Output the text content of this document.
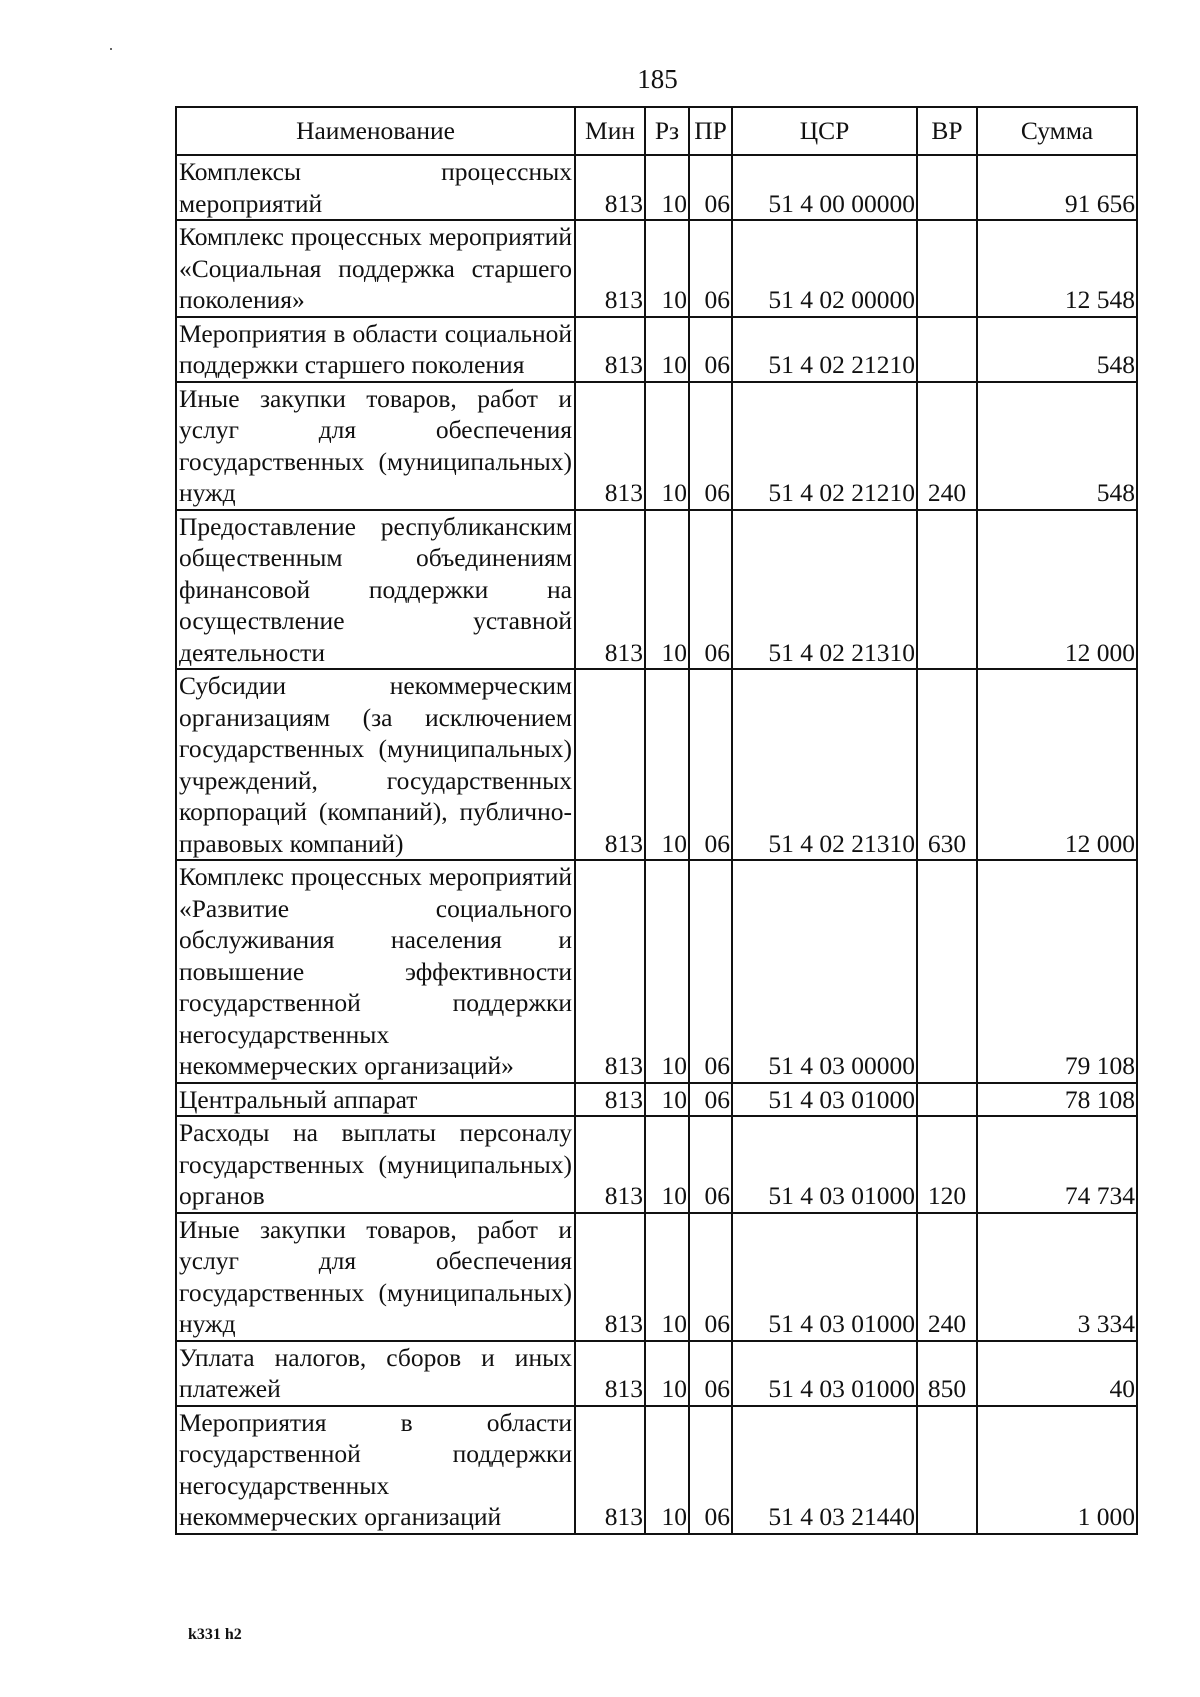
185
Наименование	Мин	Рз	ПР	ЦСР	ВР	Сумма
Комплексы процессных мероприятий	813	10	06	51 4 00 00000		91 656
Комплекс процессных мероприятий «Социальная поддержка старшего поколения»	813	10	06	51 4 02 00000		12 548
Мероприятия в области социальной поддержки старшего поколения	813	10	06	51 4 02 21210		548
Иные закупки товаров, работ и услуг для обеспечения государственных (муниципальных) нужд	813	10	06	51 4 02 21210	240	548
Предоставление республиканским общественным объединениям финансовой поддержки на осуществление уставной деятельности	813	10	06	51 4 02 21310		12 000
Субсидии некоммерческим организациям (за исключением государственных (муниципальных) учреждений, государственных корпораций (компаний), публично-правовых компаний)	813	10	06	51 4 02 21310	630	12 000
Комплекс процессных мероприятий «Развитие социального обслуживания населения и повышение эффективности государственной поддержки негосударственных некоммерческих организаций»	813	10	06	51 4 03 00000		79 108
Центральный аппарат	813	10	06	51 4 03 01000		78 108
Расходы на выплаты персоналу государственных (муниципальных) органов	813	10	06	51 4 03 01000	120	74 734
Иные закупки товаров, работ и услуг для обеспечения государственных (муниципальных) нужд	813	10	06	51 4 03 01000	240	3 334
Уплата налогов, сборов и иных платежей	813	10	06	51 4 03 01000	850	40
Мероприятия в области государственной поддержки негосударственных некоммерческих организаций	813	10	06	51 4 03 21440		1 000
k331 h2
